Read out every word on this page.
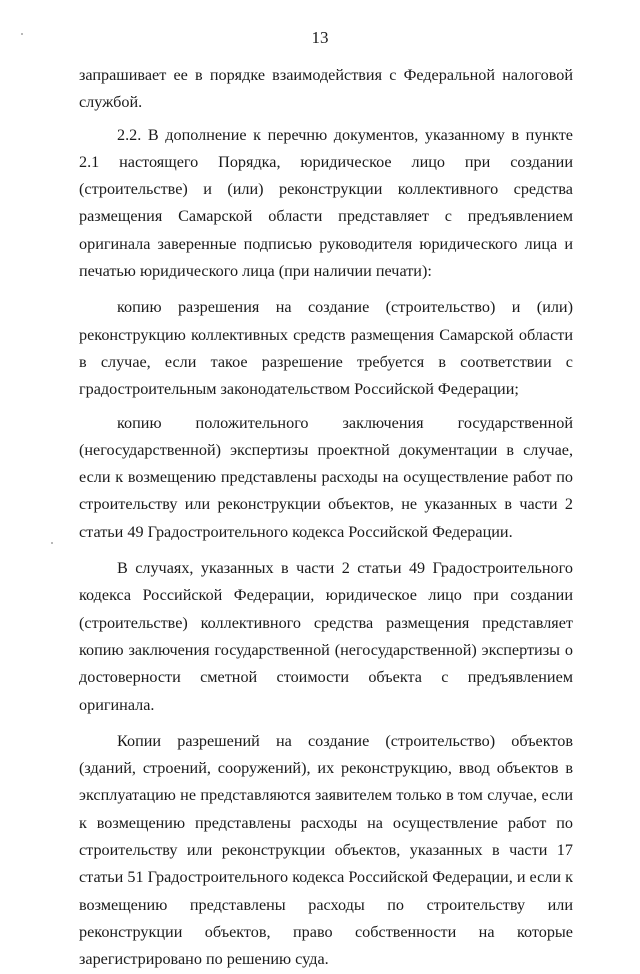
13

запрашивает ее в порядке взаимодействия с Федеральной налоговой службой.

2.2. В дополнение к перечню документов, указанному в пункте 2.1 настоящего Порядка, юридическое лицо при создании (строительстве) и (или) реконструкции коллективного средства размещения Самарской области представляет с предъявлением оригинала заверенные подписью руководителя юридического лица и печатью юридического лица (при наличии печати):

копию разрешения на создание (строительство) и (или) реконструкцию коллективных средств размещения Самарской области в случае, если такое разрешение требуется в соответствии с градостроительным законодательством Российской Федерации;

копию положительного заключения государственной (негосударственной) экспертизы проектной документации в случае, если к возмещению представлены расходы на осуществление работ по строительству или реконструкции объектов, не указанных в части 2 статьи 49 Градостроительного кодекса Российской Федерации.

В случаях, указанных в части 2 статьи 49 Градостроительного кодекса Российской Федерации, юридическое лицо при создании (строительстве) коллективного средства размещения представляет копию заключения государственной (негосударственной) экспертизы о достоверности сметной стоимости объекта с предъявлением оригинала.

Копии разрешений на создание (строительство) объектов (зданий, строений, сооружений), их реконструкцию, ввод объектов в эксплуатацию не представляются заявителем только в том случае, если к возмещению представлены расходы на осуществление работ по строительству или реконструкции объектов, указанных в части 17 статьи 51 Градостроительного кодекса Российской Федерации, и если к возмещению представлены расходы по строительству или реконструкции объектов, право собственности на которые зарегистрировано по решению суда.
